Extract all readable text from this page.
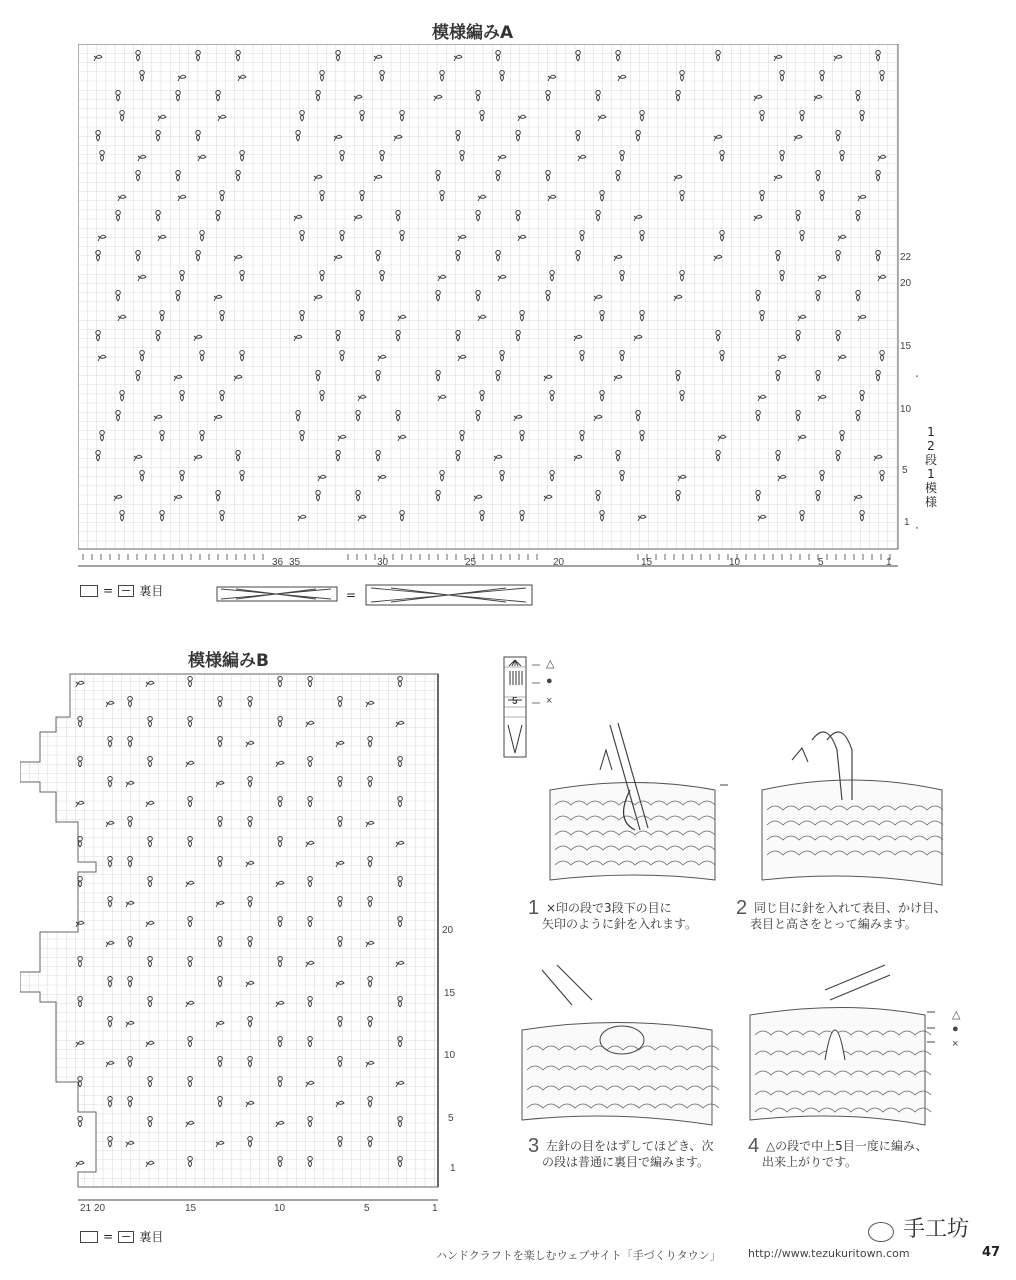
模様編みA
22
20
15
10
5
1
36 35	30	25	20	15	10	5	1
12段1模様
= 裏目	=
模様編みB
20
15
10
5
1
21 20	15	10	5	1
= 裏目
△
●
×
5
△
●
×
1 ×印の段で3段下の目に
矢印のように針を入れます。
2 同じ目に針を入れて表目、かけ目、
表目と高さをとって編みます。
3 左針の目をはずしてほどき、次
の段は普通に裏目で編みます。
4 △の段で中上5目一度に編み、
出来上がりです。
手工坊
ハンドクラフトを楽しむウェブサイト「手づくりタウン」 http://www.tezukuritown.com	47
